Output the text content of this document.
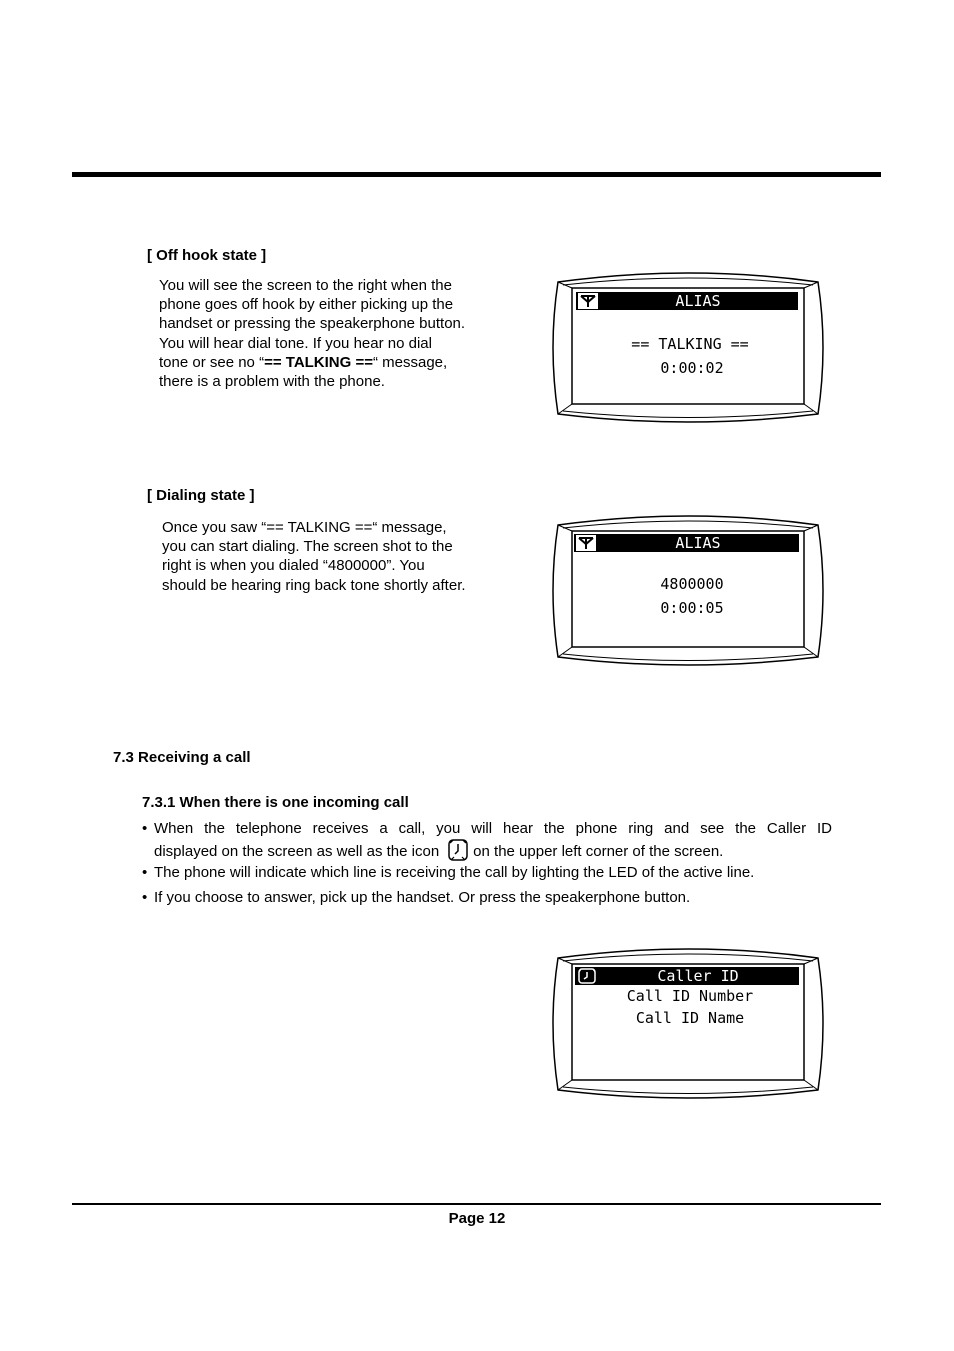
[ Off hook state ]
You will see the screen to the right when the
phone goes off hook by either picking up the
handset or pressing the speakerphone button.
You will hear dial tone. If you hear no dial
tone or see no “== TALKING ==“ message,
there is a problem with the phone.
ALIAS
== TALKING ==
0:00:02
[ Dialing state ]
Once you saw “== TALKING ==“ message,
you can start dialing. The screen shot to the
right is when you dialed “4800000”. You
should be hearing ring back tone shortly after.
ALIAS
4800000
0:00:05
7.3 Receiving a call
7.3.1 When there is one incoming call
• When the telephone receives a call, you will hear the phone ring and see the Caller ID
displayed on the screen as well as the icon on the upper left corner of the screen.
• The phone will indicate which line is receiving the call by lighting the LED of the active line.
• If you choose to answer, pick up the handset. Or press the speakerphone button.
Caller ID
Call ID Number
Call ID Name
Page 12
